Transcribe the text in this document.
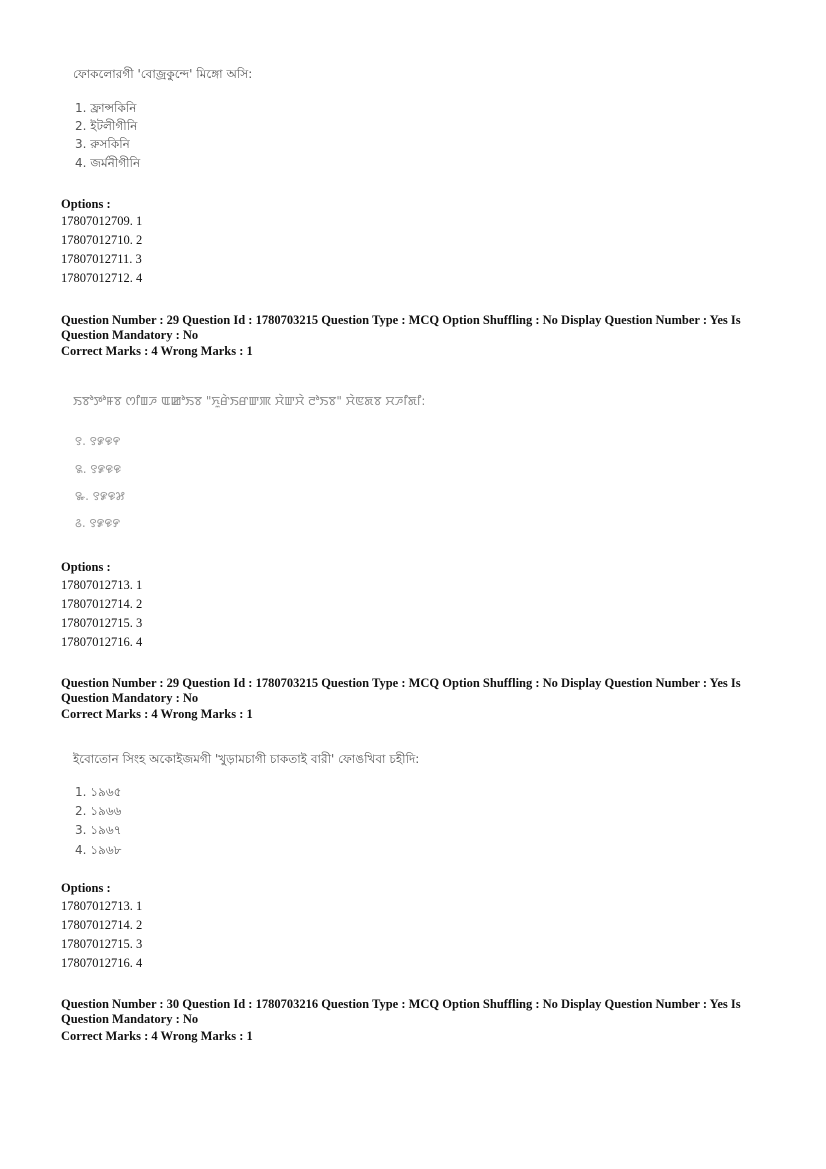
ফোকলোরগী 'বোজ্রকুন্দে' মিঙ্গো অসি:
1. ফ্রান্সকিনি
2. ইটলীগীনি
3. রুসকিনি
4. জর্মনীগীনি
Options :
17807012709. 1
17807012710. 2
17807012711. 3
17807012712. 4
Question Number : 29 Question Id : 1780703215 Question Type : MCQ Option Shuffling : No Display Question Number : Yes Is Question Mandatory : No
Correct Marks : 4 Wrong Marks : 1
ꯏꯕꯣꯇꯣꯝꯕ ꯁꯤꯡꯍ ꯑꯀꯣꯏꯕ "ꯈꯨꯔꯥꯏꯔꯛꯄ ꯆꯥꯛꯆꯥ ꯂꯣꯏꯕ" ꯆꯥꯟꯗꯕ ꯆꯍꯤꯗꯤ:
꯱. ꯱꯹꯶꯵
꯲. ꯱꯹꯶꯶
꯳. ꯱꯹꯶꯷
꯴. ꯱꯹꯶꯸
Options :
17807012713. 1
17807012714. 2
17807012715. 3
17807012716. 4
Question Number : 29 Question Id : 1780703215 Question Type : MCQ Option Shuffling : No Display Question Number : Yes Is Question Mandatory : No
Correct Marks : 4 Wrong Marks : 1
ইবোতোন সিংহ অকোইজমগী 'খুড়ামচাগী চাকতাই বারী' ফোঙখিবা চহীদি:
1. ১৯৬৫
2. ১৯৬৬
3. ১৯৬৭
4. ১৯৬৮
Options :
17807012713. 1
17807012714. 2
17807012715. 3
17807012716. 4
Question Number : 30 Question Id : 1780703216 Question Type : MCQ Option Shuffling : No Display Question Number : Yes Is Question Mandatory : No
Correct Marks : 4 Wrong Marks : 1
